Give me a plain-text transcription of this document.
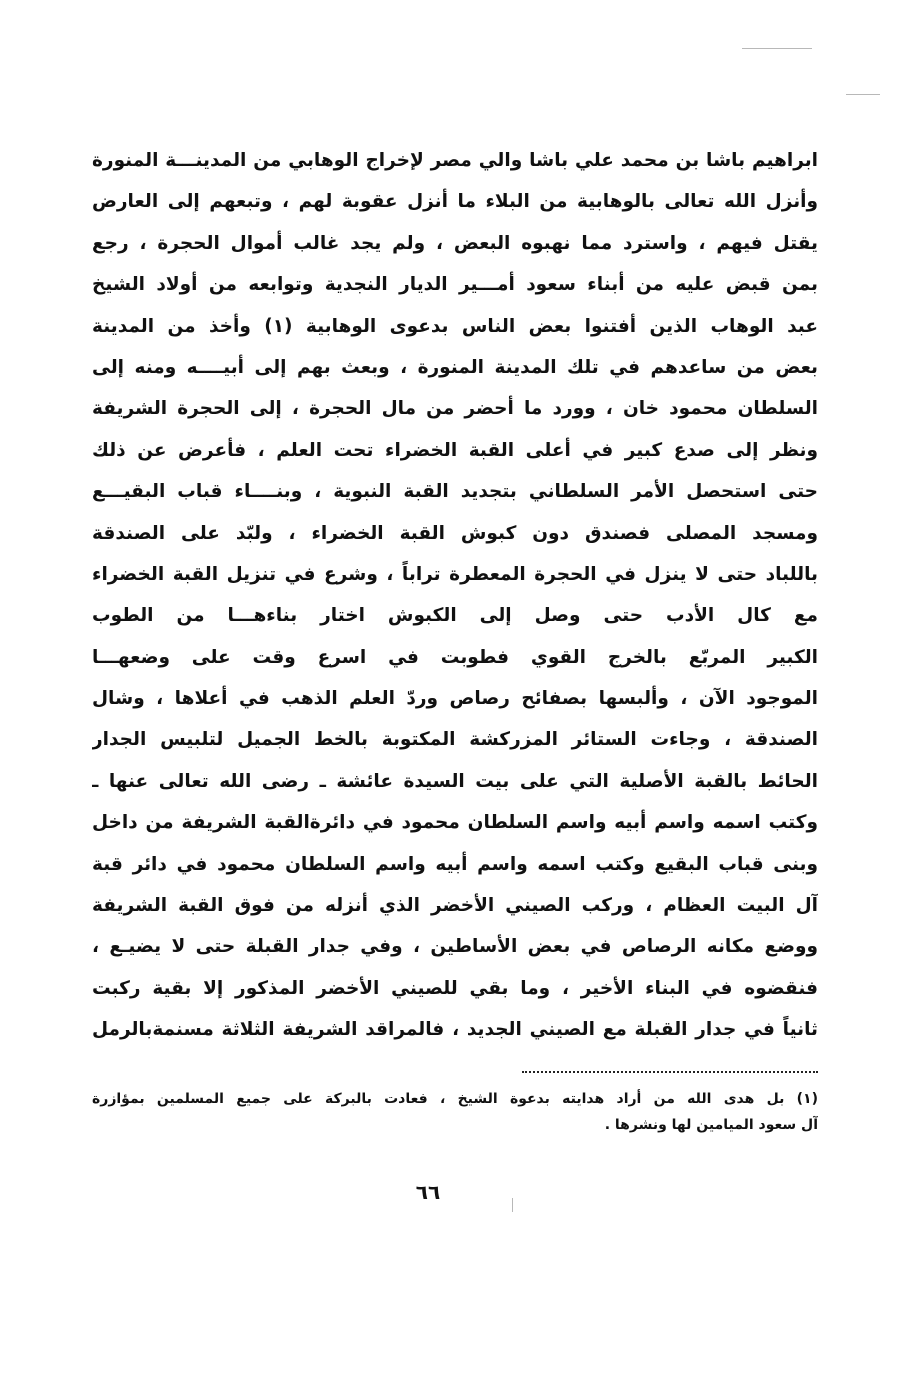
ابراهيم باشا بن محمد علي باشا والي مصر لإخراج الوهابي من المدينـــة المنورة
وأنزل الله تعالى بالوهابية من البلاء ما أنزل عقوبة لهم ، وتبعهم إلى العارض
يقتل فيهم ، واسترد مما نهبوه البعض ، ولم يجد غالب أموال الحجرة ، رجع
بمن قبض عليه من أبناء سعود أمـــير الديار النجدية وتوابعه من أولاد الشيخ
عبد الوهاب الذين أفتنوا بعض الناس بدعوى الوهابية (١) وأخذ من المدينة
بعض من ساعدهم في تلك المدينة المنورة ، وبعث بهم إلى أبيــــه ومنه إلى
السلطان محمود خان ، وورد ما أحضر من مال الحجرة ، إلى الحجرة الشريفة
ونظر إلى صدع كبير في أعلى القبة الخضراء تحت العلم ، فأعرض عن ذلك
حتى استحصل الأمر السلطاني بتجديد القبة النبوية ، وبنــــاء قباب البقيـــع
ومسجد المصلى فصندق دون كبوش القبة الخضراء ، ولبّد على الصندقة
باللباد حتى لا ينزل في الحجرة المعطرة تراباً ، وشرع في تنزيل القبة الخضراء
مع كال الأدب حتى وصل إلى الكبوش اختار بناءهـــا من الطوب
الكبير المربّع بالخرج القوي فطوبت في اسرع وقت على وضعهـــا
الموجود الآن ، وألبسها بصفائح رصاص وردّ العلم الذهب في أعلاها ، وشال
الصندقة ، وجاءت الستائر المزركشة المكتوبة بالخط الجميل لتلبيس الجدار
الحائط بالقبة الأصلية التي على بيت السيدة عائشة ـ رضى الله تعالى عنها ـ
وكتب اسمه واسم أبيه واسم السلطان محمود في دائرةالقبة الشريفة من داخل
وبنى قباب البقيع وكتب اسمه واسم أبيه واسم السلطان محمود في دائر قبة
آل البيت العظام ، وركب الصيني الأخضر الذي أنزله من فوق القبة الشريفة
ووضع مكانه الرصاص في بعض الأساطين ، وفي جدار القبلة حتى لا يضيـع ،
فنقضوه في البناء الأخير ، وما بقي للصيني الأخضر المذكور إلا بقية ركبت
ثانياً في جدار القبلة مع الصيني الجديد ، فالمراقد الشريفة الثلاثة مسنمةبالرمل
(١) بل هدى الله من أراد هدايته بدعوة الشيخ ، فعادت بالبركة على جميع المسلمين بمؤازرة
آل سعود الميامين لها ونشرها .
٦٦
